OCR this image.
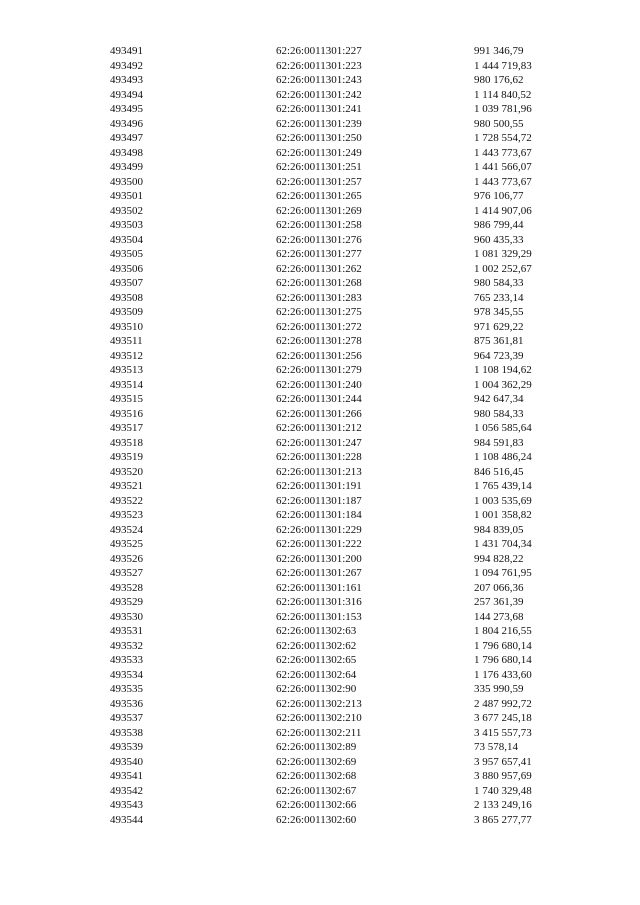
493491	62:26:0011301:227	991 346,79
493492	62:26:0011301:223	1 444 719,83
493493	62:26:0011301:243	980 176,62
493494	62:26:0011301:242	1 114 840,52
493495	62:26:0011301:241	1 039 781,96
493496	62:26:0011301:239	980 500,55
493497	62:26:0011301:250	1 728 554,72
493498	62:26:0011301:249	1 443 773,67
493499	62:26:0011301:251	1 441 566,07
493500	62:26:0011301:257	1 443 773,67
493501	62:26:0011301:265	976 106,77
493502	62:26:0011301:269	1 414 907,06
493503	62:26:0011301:258	986 799,44
493504	62:26:0011301:276	960 435,33
493505	62:26:0011301:277	1 081 329,29
493506	62:26:0011301:262	1 002 252,67
493507	62:26:0011301:268	980 584,33
493508	62:26:0011301:283	765 233,14
493509	62:26:0011301:275	978 345,55
493510	62:26:0011301:272	971 629,22
493511	62:26:0011301:278	875 361,81
493512	62:26:0011301:256	964 723,39
493513	62:26:0011301:279	1 108 194,62
493514	62:26:0011301:240	1 004 362,29
493515	62:26:0011301:244	942 647,34
493516	62:26:0011301:266	980 584,33
493517	62:26:0011301:212	1 056 585,64
493518	62:26:0011301:247	984 591,83
493519	62:26:0011301:228	1 108 486,24
493520	62:26:0011301:213	846 516,45
493521	62:26:0011301:191	1 765 439,14
493522	62:26:0011301:187	1 003 535,69
493523	62:26:0011301:184	1 001 358,82
493524	62:26:0011301:229	984 839,05
493525	62:26:0011301:222	1 431 704,34
493526	62:26:0011301:200	994 828,22
493527	62:26:0011301:267	1 094 761,95
493528	62:26:0011301:161	207 066,36
493529	62:26:0011301:316	257 361,39
493530	62:26:0011301:153	144 273,68
493531	62:26:0011302:63	1 804 216,55
493532	62:26:0011302:62	1 796 680,14
493533	62:26:0011302:65	1 796 680,14
493534	62:26:0011302:64	1 176 433,60
493535	62:26:0011302:90	335 990,59
493536	62:26:0011302:213	2 487 992,72
493537	62:26:0011302:210	3 677 245,18
493538	62:26:0011302:211	3 415 557,73
493539	62:26:0011302:89	73 578,14
493540	62:26:0011302:69	3 957 657,41
493541	62:26:0011302:68	3 880 957,69
493542	62:26:0011302:67	1 740 329,48
493543	62:26:0011302:66	2 133 249,16
493544	62:26:0011302:60	3 865 277,77
